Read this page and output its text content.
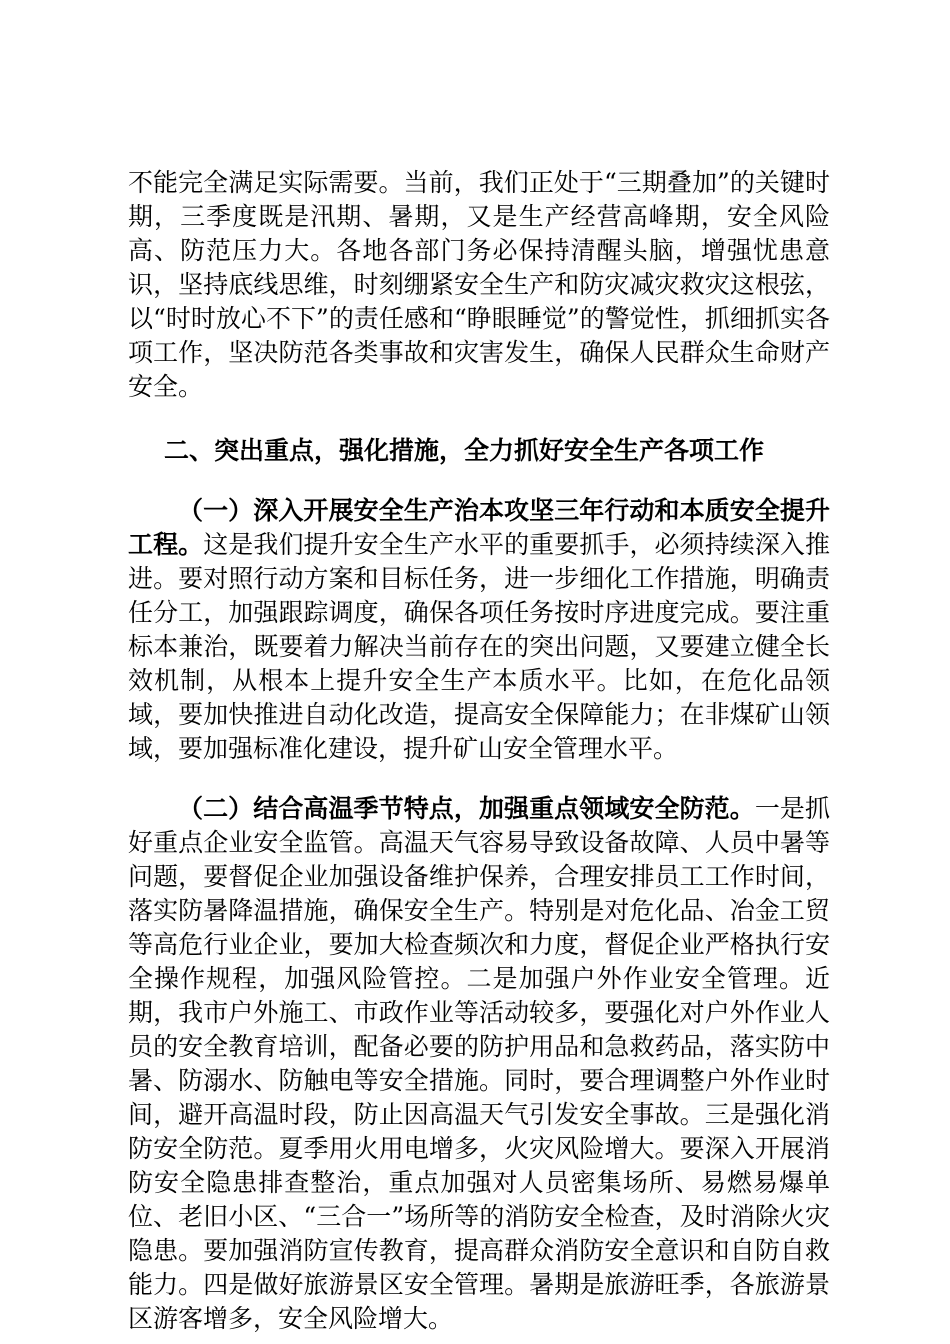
不能完全满足实际需要。当前，我们正处于“三期叠加”的关键时期，三季度既是汛期、暑期，又是生产经营高峰期，安全风险高、防范压力大。各地各部门务必保持清醒头脑，增强忧患意识，坚持底线思维，时刻绷紧安全生产和防灾减灾救灾这根弦，以“时时放心不下”的责任感和“睁眼睡觉”的警觉性，抓细抓实各项工作，坚决防范各类事故和灾害发生，确保人民群众生命财产安全。

二、突出重点，强化措施，全力抓好安全生产各项工作

（一）深入开展安全生产治本攻坚三年行动和本质安全提升工程。这是我们提升安全生产水平的重要抓手，必须持续深入推进。要对照行动方案和目标任务，进一步细化工作措施，明确责任分工，加强跟踪调度，确保各项任务按时序进度完成。要注重标本兼治，既要着力解决当前存在的突出问题，又要建立健全长效机制，从根本上提升安全生产本质水平。比如，在危化品领域，要加快推进自动化改造，提高安全保障能力；在非煤矿山领域，要加强标准化建设，提升矿山安全管理水平。

（二）结合高温季节特点，加强重点领域安全防范。一是抓好重点企业安全监管。高温天气容易导致设备故障、人员中暑等问题，要督促企业加强设备维护保养，合理安排员工工作时间，落实防暑降温措施，确保安全生产。特别是对危化品、冶金工贸等高危行业企业，要加大检查频次和力度，督促企业严格执行安全操作规程，加强风险管控。二是加强户外作业安全管理。近期，我市户外施工、市政作业等活动较多，要强化对户外作业人员的安全教育培训，配备必要的防护用品和急救药品，落实防中暑、防溺水、防触电等安全措施。同时，要合理调整户外作业时间，避开高温时段，防止因高温天气引发安全事故。三是强化消防安全防范。夏季用火用电增多，火灾风险增大。要深入开展消防安全隐患排查整治，重点加强对人员密集场所、易燃易爆单位、老旧小区、“三合一”场所等的消防安全检查，及时消除火灾隐患。要加强消防宣传教育，提高群众消防安全意识和自防自救能力。四是做好旅游景区安全管理。暑期是旅游旺季，各旅游景区游客增多，安全风险增大。
